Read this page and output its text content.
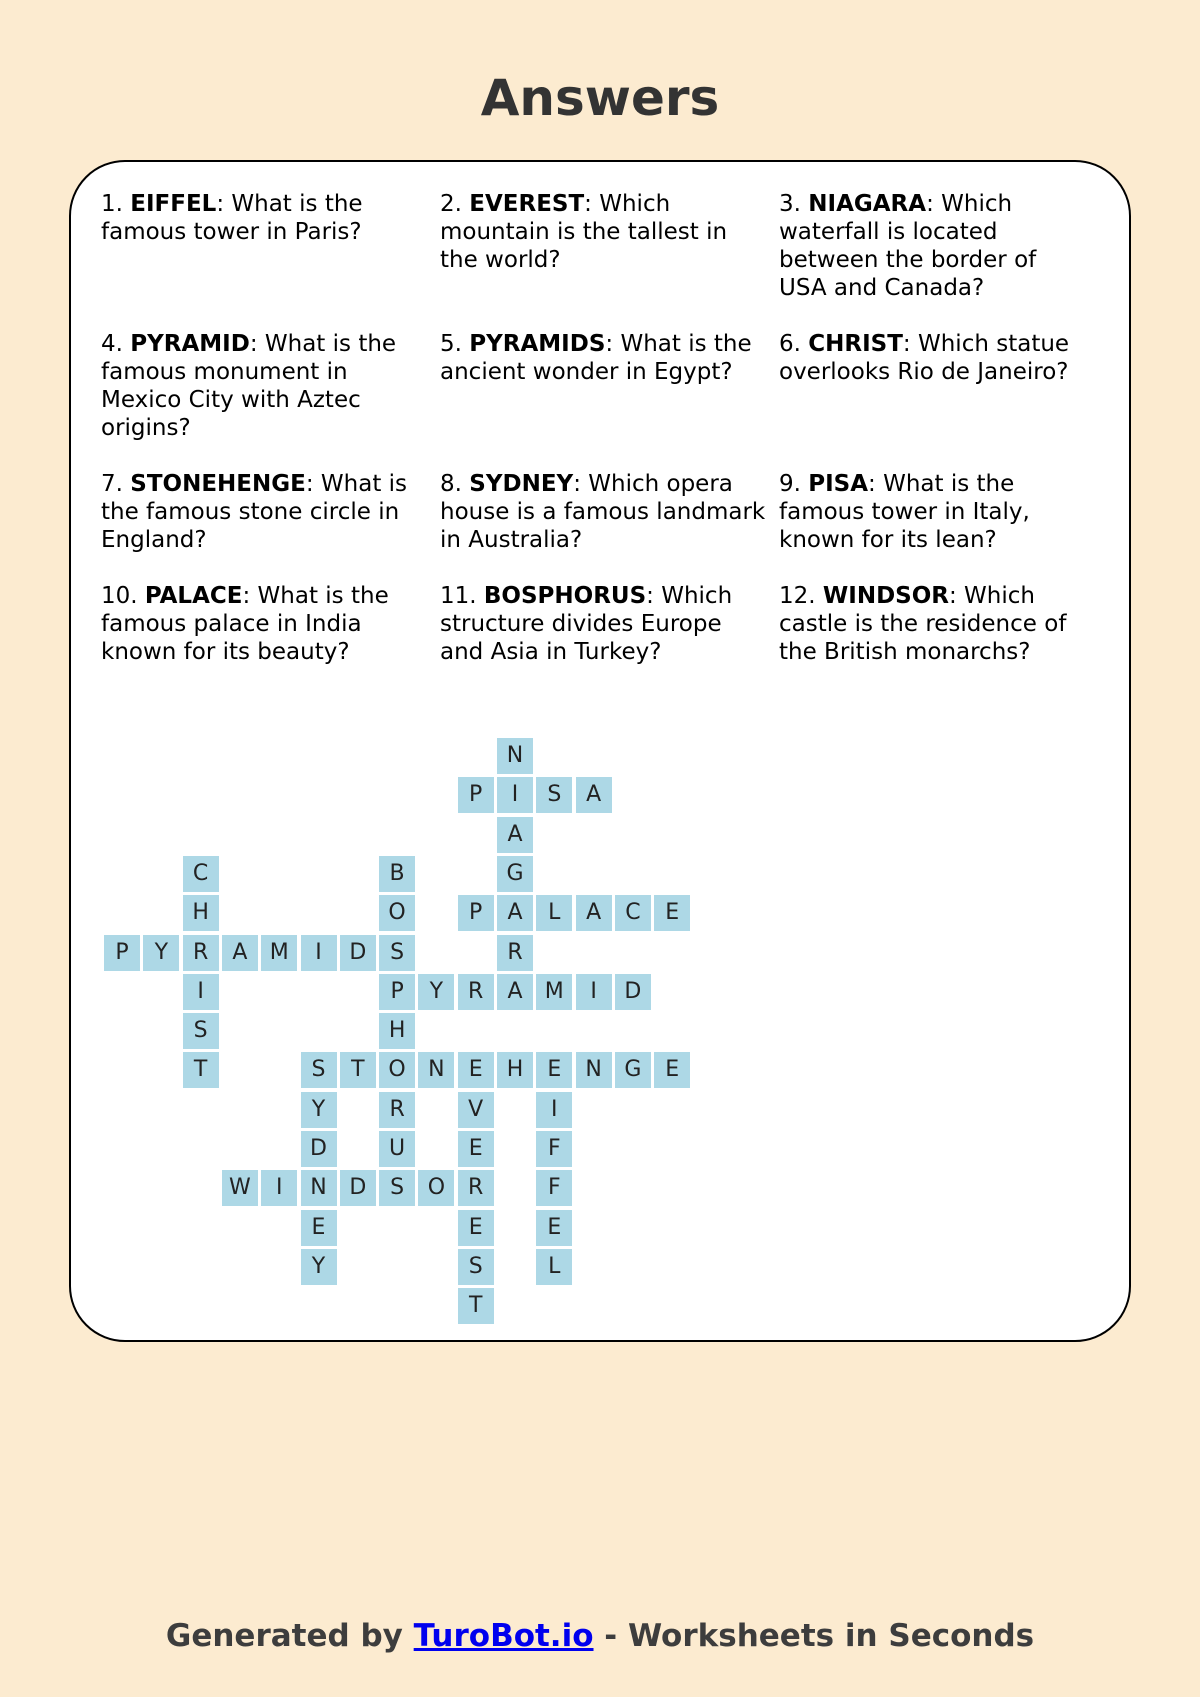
Answers
1. EIFFEL: What is the famous tower in Paris?
2. EVEREST: Which mountain is the tallest in the world?
3. NIAGARA: Which waterfall is located between the border of USA and Canada?
4. PYRAMID: What is the famous monument in Mexico City with Aztec origins?
5. PYRAMIDS: What is the ancient wonder in Egypt?
6. CHRIST: Which statue overlooks Rio de Janeiro?
7. STONEHENGE: What is the famous stone circle in England?
8. SYDNEY: Which opera house is a famous landmark in Australia?
9. PISA: What is the famous tower in Italy, known for its lean?
10. PALACE: What is the famous palace in India known for its beauty?
11. BOSPHORUS: Which structure divides Europe and Asia in Turkey?
12. WINDSOR: Which castle is the residence of the British monarchs?
N
I
A
G
A
R
A
P	S	A
C
H
R
I
S
T
B
O
S
P
H
O
R
U
S
P	L	A	C	E
P	Y	A	M	I	D
Y	R	M	I	D
S	T	N	E	H	E	N	G	E
Y
D
N
E
Y
V
E
R
E
S
T
I
F
F
E
L
W	I	D	O
Generated by TuroBot.io - Worksheets in Seconds
